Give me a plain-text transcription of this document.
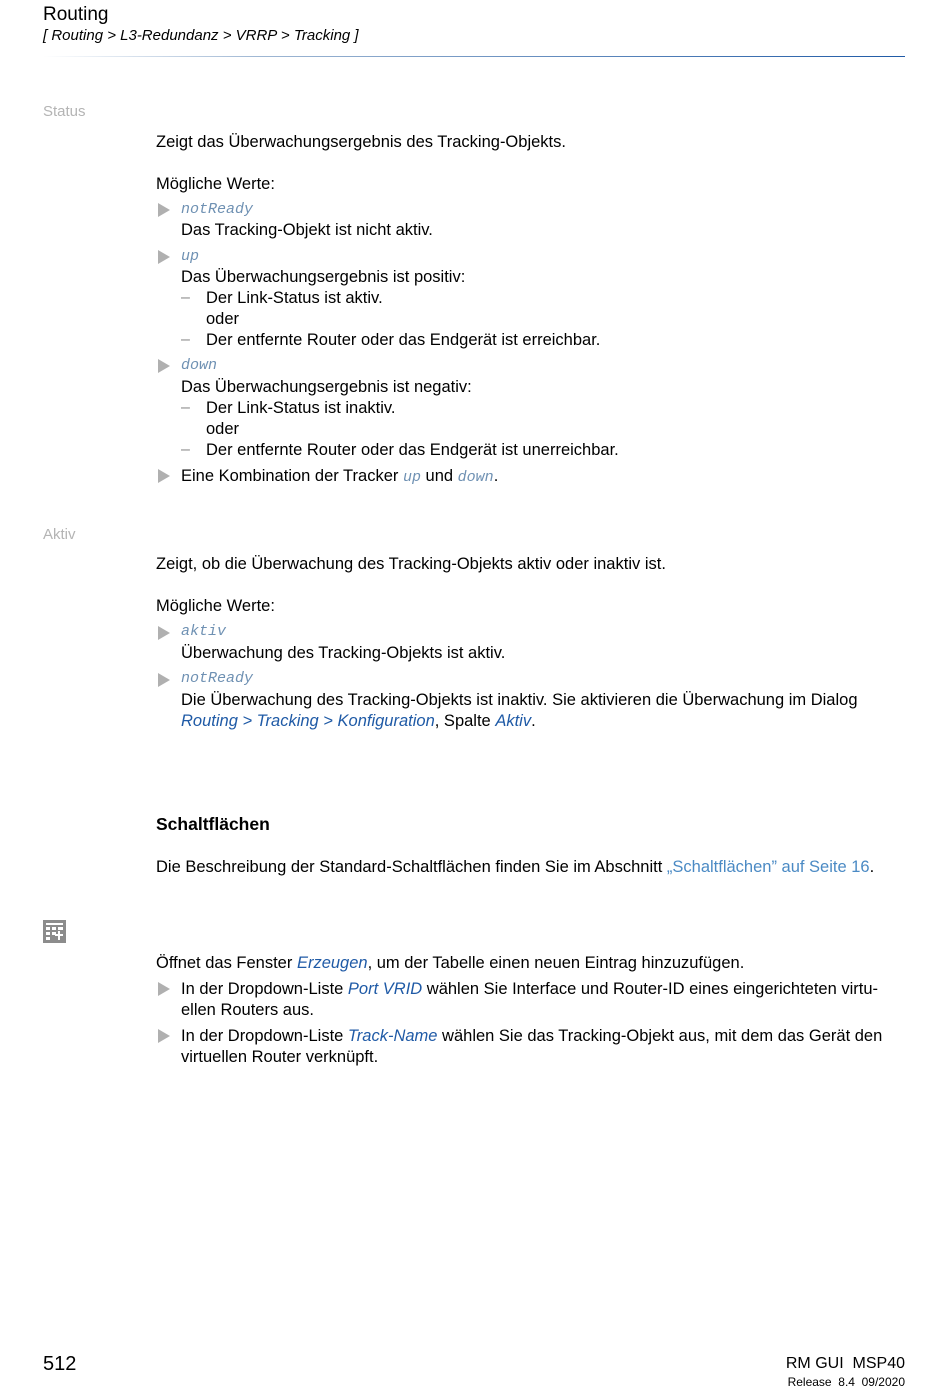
Routing
[ Routing > L3-Redundanz > VRRP > Tracking ]
Status
Zeigt das Überwachungsergebnis des Tracking-Objekts.
Mögliche Werte:
notReady
Das Tracking-Objekt ist nicht aktiv.
up
Das Überwachungsergebnis ist positiv:
– Der Link-Status ist aktiv.
oder
– Der entfernte Router oder das Endgerät ist erreichbar.
down
Das Überwachungsergebnis ist negativ:
– Der Link-Status ist inaktiv.
oder
– Der entfernte Router oder das Endgerät ist unerreichbar.
Eine Kombination der Tracker up und down.
Aktiv
Zeigt, ob die Überwachung des Tracking-Objekts aktiv oder inaktiv ist.
Mögliche Werte:
aktiv
Überwachung des Tracking-Objekts ist aktiv.
notReady
Die Überwachung des Tracking-Objekts ist inaktiv. Sie aktivieren die Überwachung im Dialog
Routing > Tracking > Konfiguration, Spalte Aktiv.
Schaltflächen
Die Beschreibung der Standard-Schaltflächen finden Sie im Abschnitt „Schaltflächen” auf Seite 16.
Öffnet das Fenster Erzeugen, um der Tabelle einen neuen Eintrag hinzuzufügen.
In der Dropdown-Liste Port VRID wählen Sie Interface und Router-ID eines eingerichteten virtu-
ellen Routers aus.
In der Dropdown-Liste Track-Name wählen Sie das Tracking-Objekt aus, mit dem das Gerät den
virtuellen Router verknüpft.
512	RM GUI  MSP40
Release  8.4  09/2020
